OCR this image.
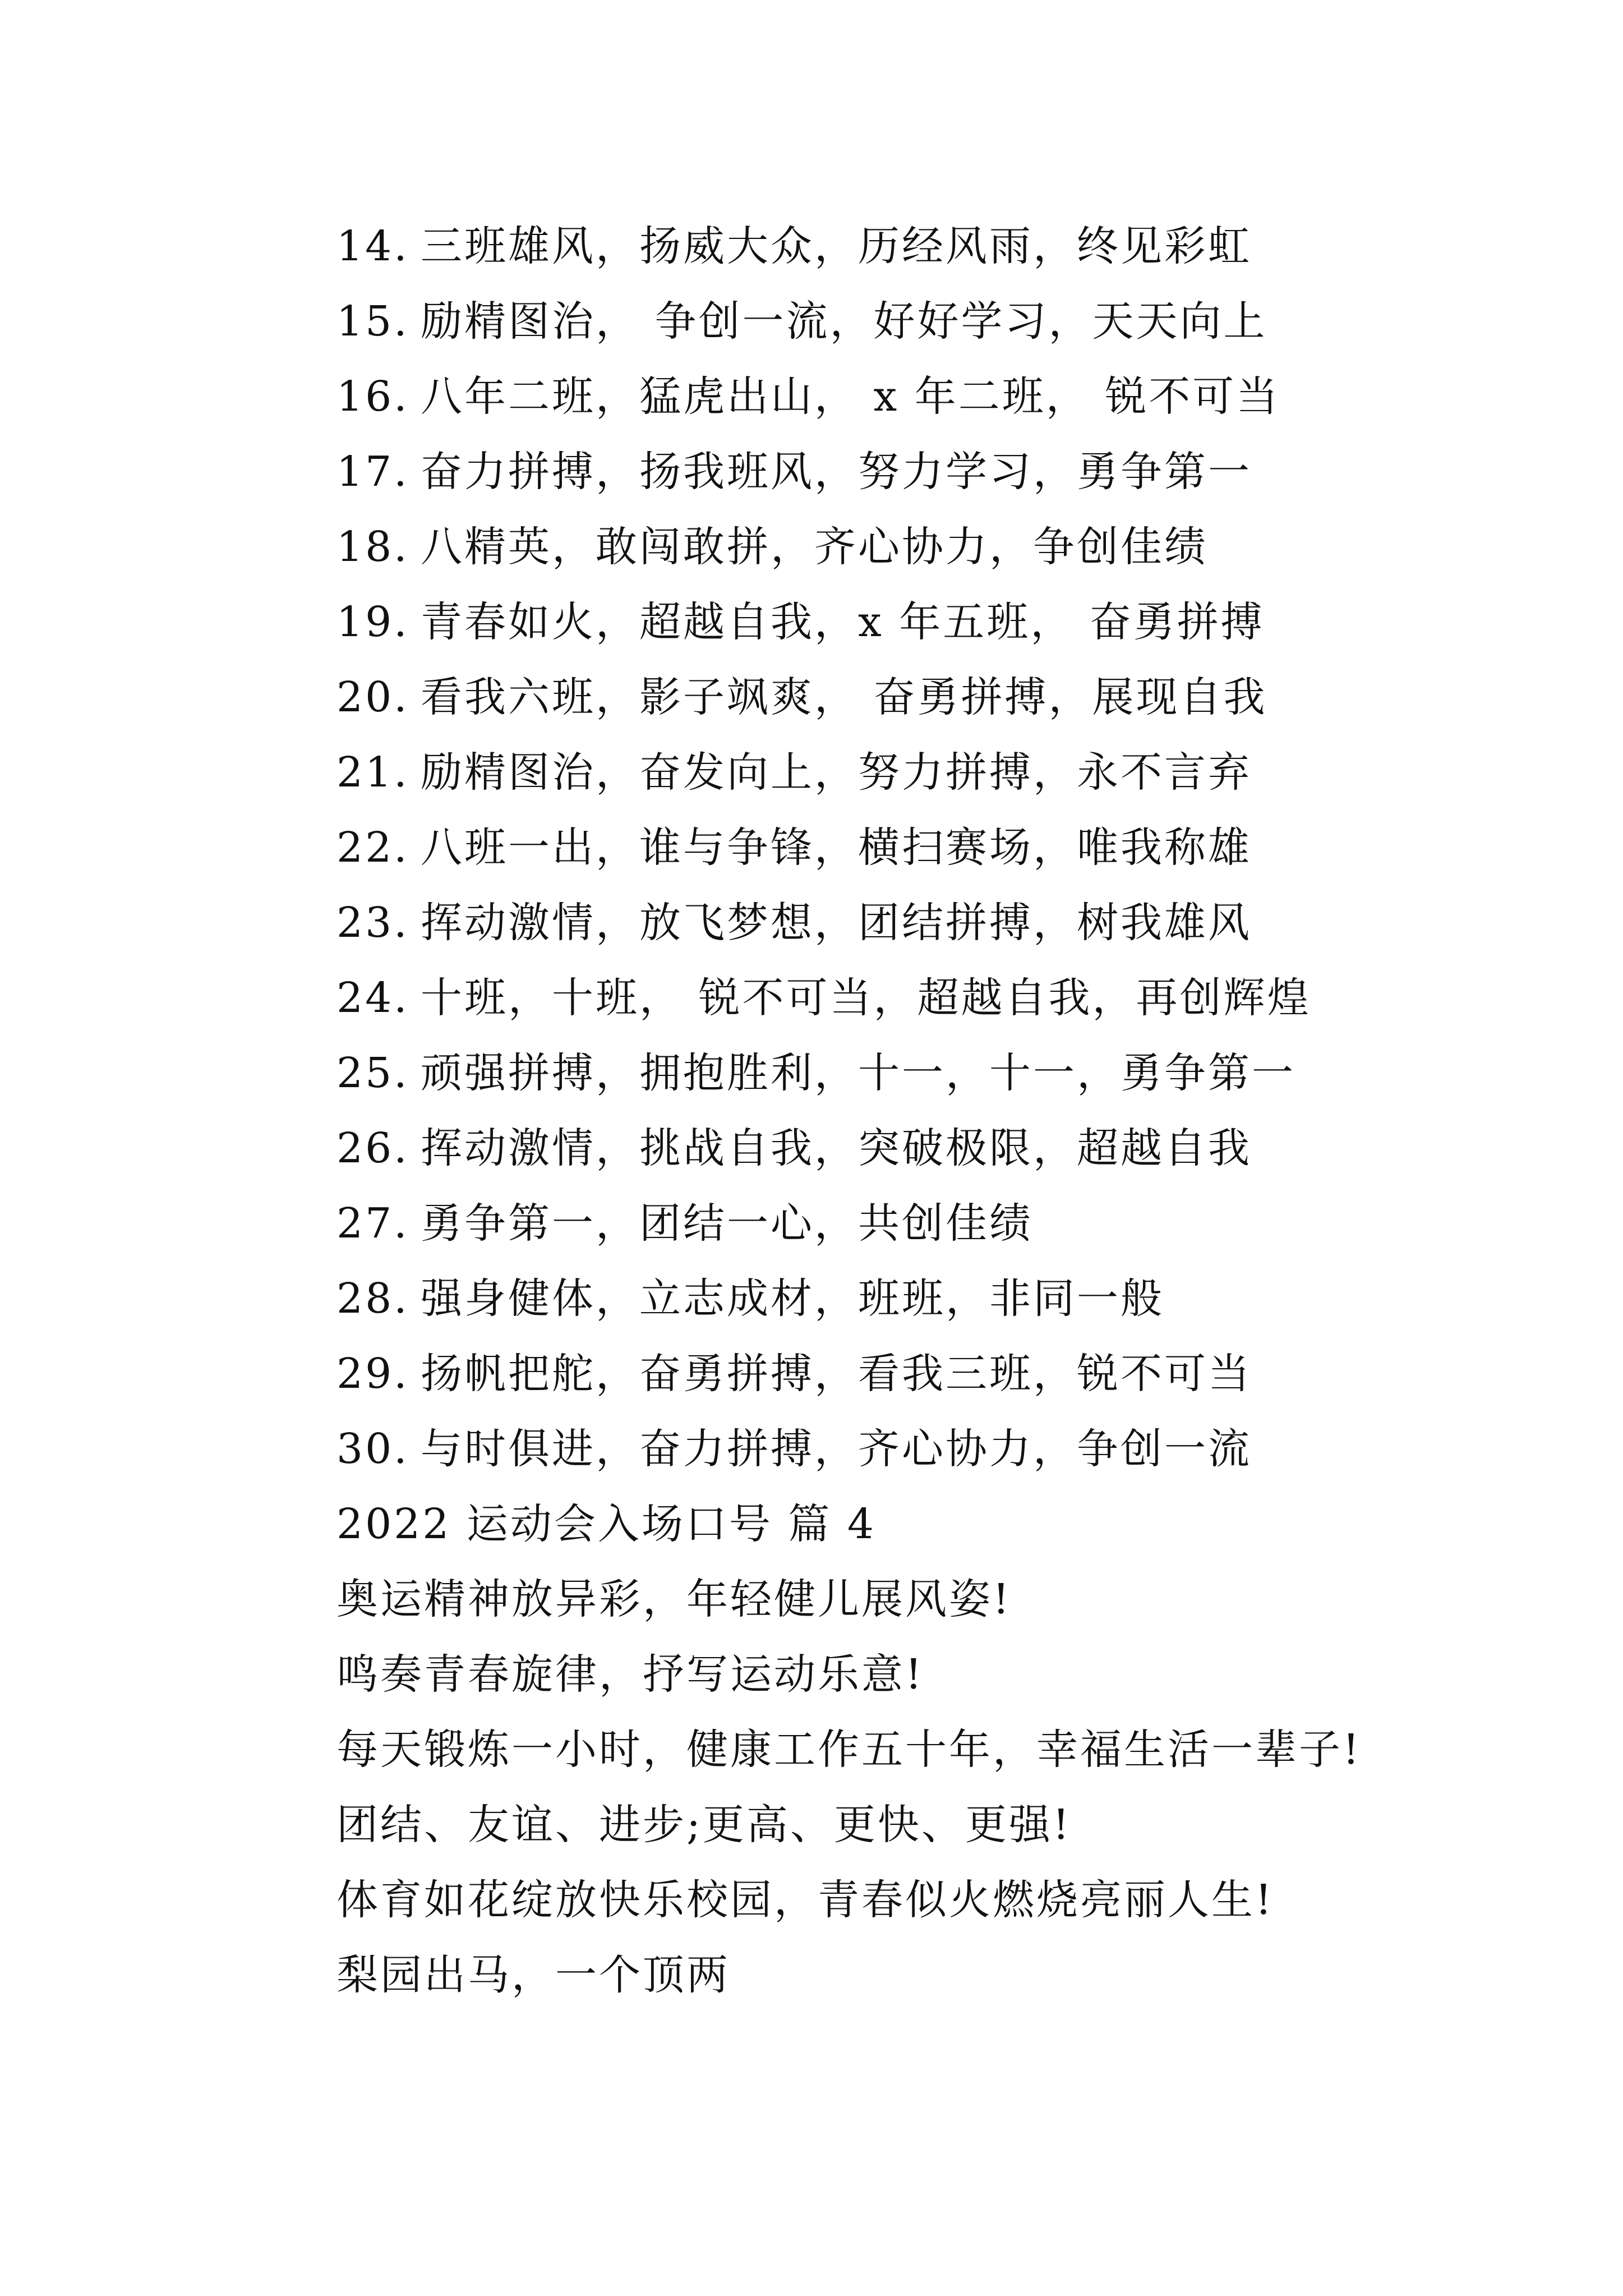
14. 三班雄风，扬威大众，历经风雨，终见彩虹
15. 励精图治， 争创一流，好好学习，天天向上
16. 八年二班，猛虎出山， x 年二班， 锐不可当
17. 奋力拼搏，扬我班风，努力学习，勇争第一
18. 八精英，敢闯敢拼，齐心协力，争创佳绩
19. 青春如火，超越自我，x 年五班， 奋勇拼搏
20. 看我六班，影子飒爽， 奋勇拼搏，展现自我
21. 励精图治，奋发向上，努力拼搏，永不言弃
22. 八班一出，谁与争锋，横扫赛场，唯我称雄
23. 挥动激情，放飞梦想，团结拼搏，树我雄风
24. 十班，十班， 锐不可当，超越自我，再创辉煌
25. 顽强拼搏，拥抱胜利，十一，十一，勇争第一
26. 挥动激情，挑战自我，突破极限，超越自我
27. 勇争第一，团结一心，共创佳绩
28. 强身健体，立志成材，班班，非同一般
29. 扬帆把舵，奋勇拼搏，看我三班，锐不可当
30. 与时俱进，奋力拼搏，齐心协力，争创一流
2022 运动会入场口号 篇 4
奥运精神放异彩，年轻健儿展风姿!
鸣奏青春旋律，抒写运动乐意!
每天锻炼一小时，健康工作五十年，幸福生活一辈子!
团结、友谊、进步;更高、更快、更强!
体育如花绽放快乐校园，青春似火燃烧亮丽人生!
梨园出马，一个顶两
